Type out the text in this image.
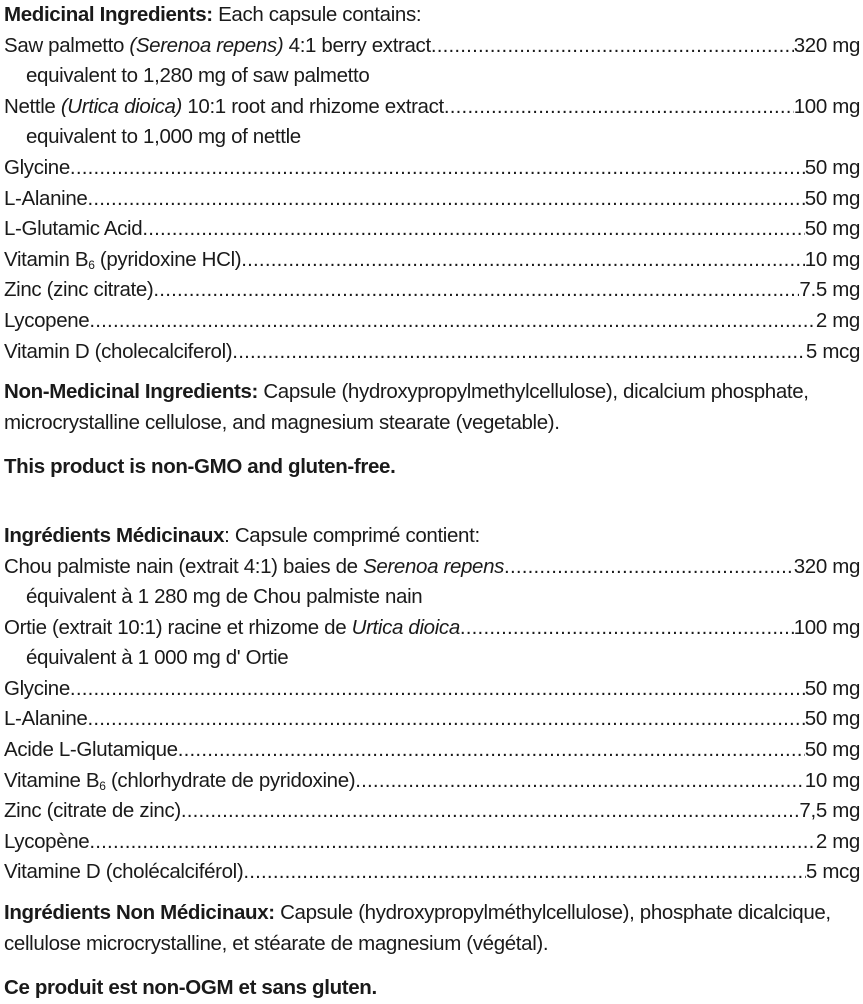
Medicinal Ingredients: Each capsule contains:
Saw palmetto (Serenoa repens) 4:1 berry extract .....	320 mg
equivalent to 1,280 mg of saw palmetto
Nettle (Urtica dioica) 10:1 root and rhizome extract .....	100 mg
equivalent to 1,000 mg of nettle
Glycine .....	50 mg
L-Alanine .....	50 mg
L-Glutamic Acid .....	50 mg
Vitamin $B_6$ (pyridoxine HCl) .....	10 mg
Zinc (zinc citrate) .....	7.5 mg
Lycopene .....	2 mg
Vitamin D (cholecalciferol) .....	5 mcg
Non-Medicinal Ingredients: Capsule (hydroxypropylmethylcellulose), dicalcium phosphate, microcrystalline cellulose, and magnesium stearate (vegetable).
This product is non-GMO and gluten-free.
Ingrédients Médicinaux: Capsule comprimé contient:
Chou palmiste nain (extrait 4:1) baies de Serenoa repens .....	320 mg
équivalent à 1 280 mg de Chou palmiste nain
Ortie (extrait 10:1) racine et rhizome de Urtica dioica .....	100 mg
équivalent à 1 000 mg d' Ortie
Glycine .....	50 mg
L-Alanine .....	50 mg
Acide L-Glutamique .....	50 mg
Vitamine $B_6$ (chlorhydrate de pyridoxine) .....	10 mg
Zinc (citrate de zinc) .....	7,5 mg
Lycopène .....	2 mg
Vitamine D (cholécalciférol) .....	5 mcg
Ingrédients Non Médicinaux: Capsule (hydroxypropylméthylcellulose), phosphate dicalcique, cellulose microcrystalline, et stéarate de magnesium (végétal).
Ce produit est non-OGM et sans gluten.
